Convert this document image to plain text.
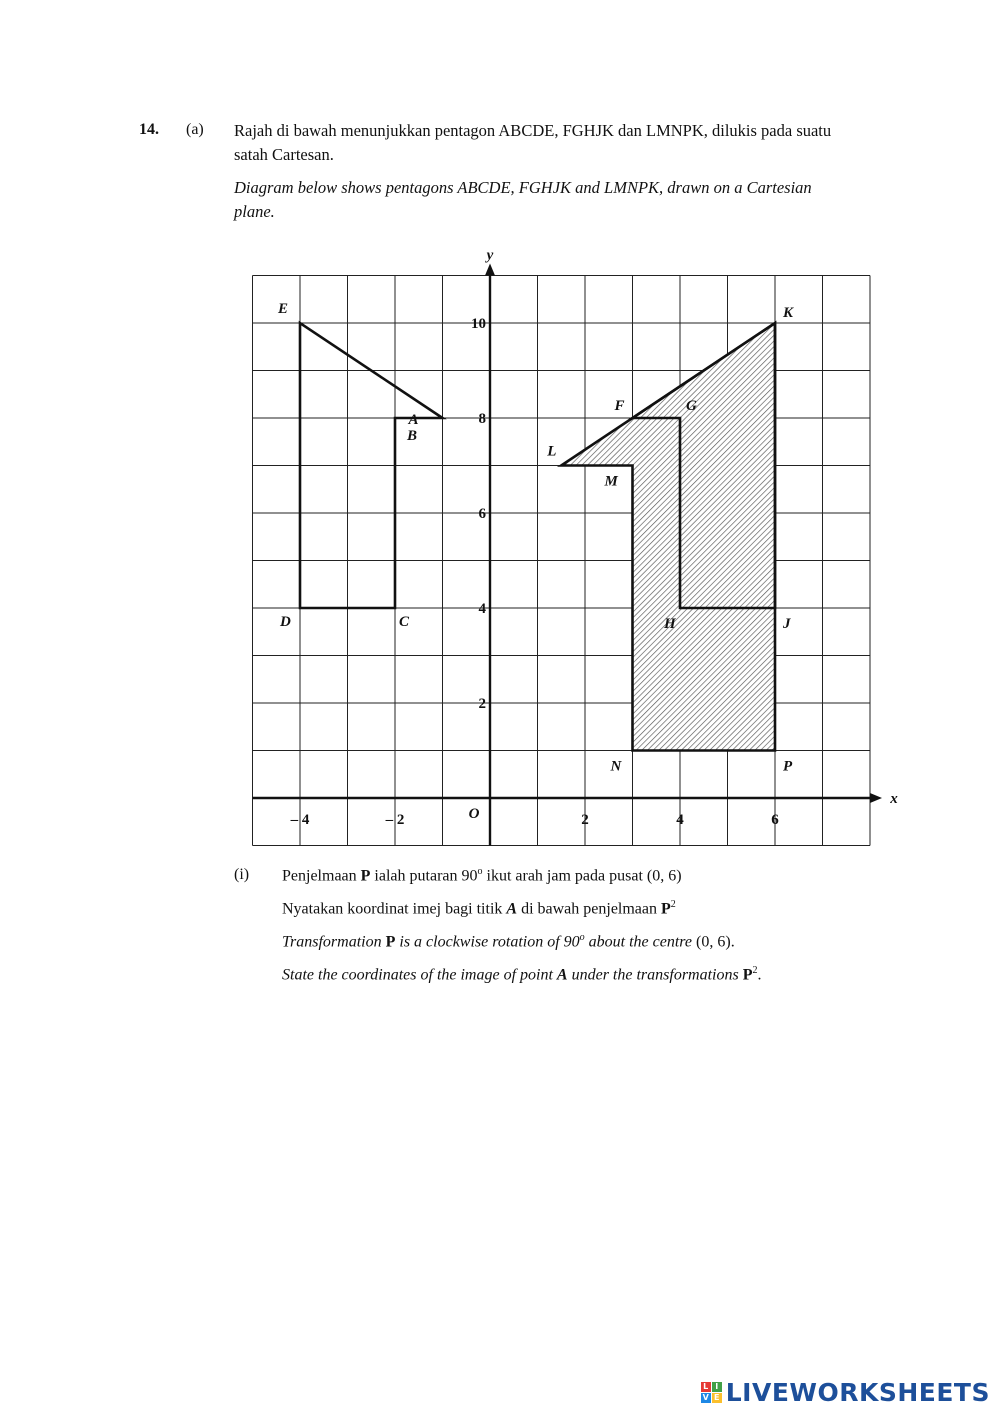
14. (a) Rajah di bawah menunjukkan pentagon ABCDE, FGHJK dan LMNPK, dilukis pada suatu
satah Cartesan.
Diagram below shows pentagons ABCDE, FGHJK and LMNPK, drawn on a Cartesian
plane.
y
x
O
– 4	– 2	2	4	6
2
4
6
8
10
A
B
C
D
E
F	G
H	J
K
L
M
N	P
(i) Penjelmaan P ialah putaran 90$^o$ ikut arah jam pada pusat (0, 6)
Nyatakan koordinat imej bagi titik A di bawah penjelmaan $P^2$
Transformation P is a clockwise rotation of 90$^o$ about the centre (0, 6).
State the coordinates of the image of point A under the transformations $P^2$.
L I
V E LIVEWORKSHEETS
